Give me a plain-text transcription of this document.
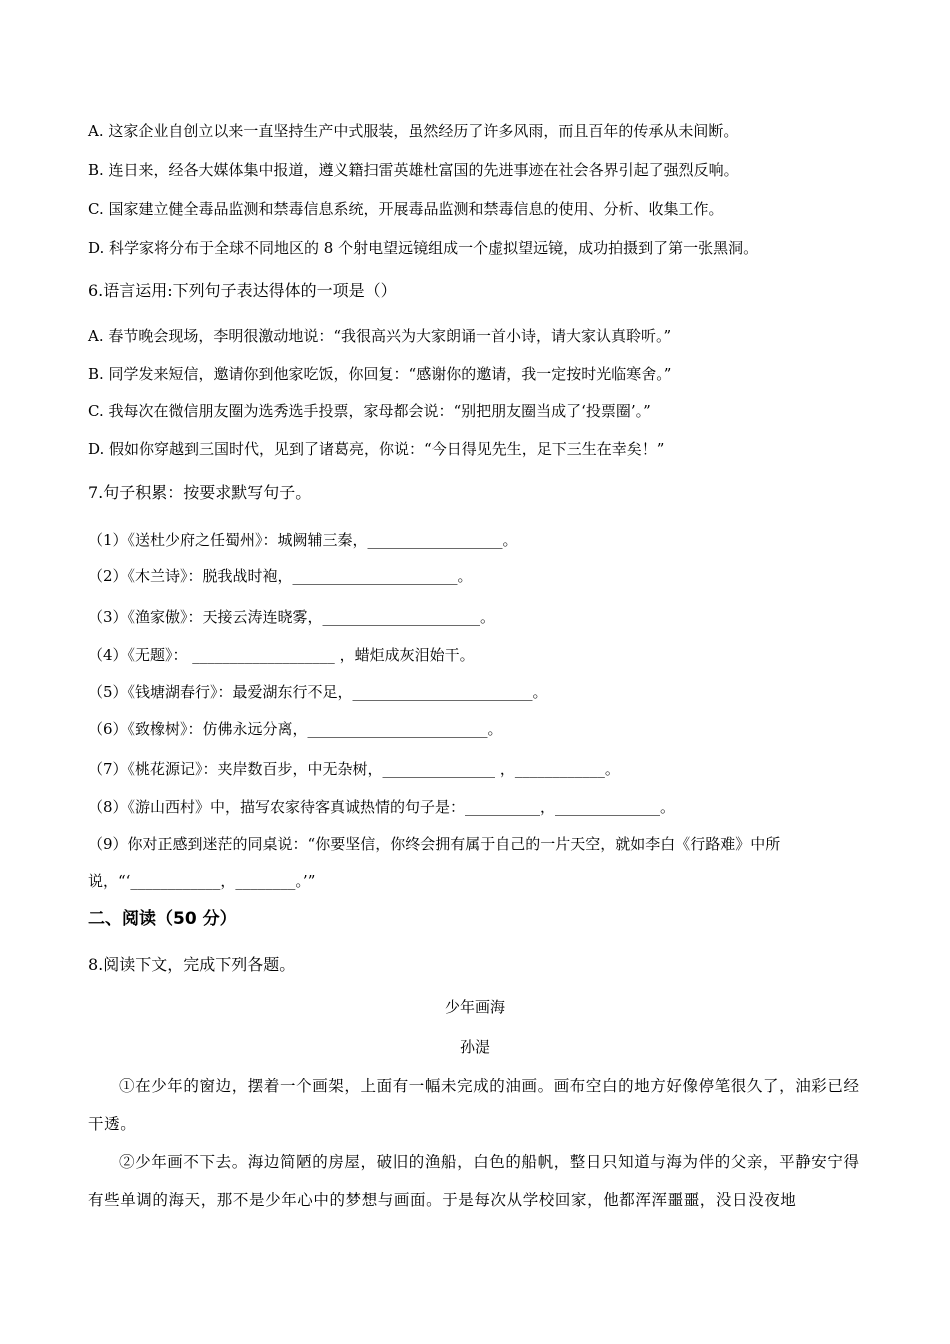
A. 这家企业自创立以来一直坚持生产中式服装，虽然经历了许多风雨，而且百年的传承从未间断。
B. 连日来，经各大媒体集中报道，遵义籍扫雷英雄杜富国的先进事迹在社会各界引起了强烈反响。
C. 国家建立健全毒品监测和禁毒信息系统，开展毒品监测和禁毒信息的使用、分析、收集工作。
D. 科学家将分布于全球不同地区的 8 个射电望远镜组成一个虚拟望远镜，成功拍摄到了第一张黑洞。
6.语言运用:下列句子表达得体的一项是（）
A. 春节晚会现场，李明很激动地说：“我很高兴为大家朗诵一首小诗，请大家认真聆听。”
B. 同学发来短信，邀请你到他家吃饭，你回复：“感谢你的邀请，我一定按时光临寒舍。”
C. 我每次在微信朋友圈为选秀选手投票，家母都会说：“别把朋友圈当成了‘投票圈’。”
D. 假如你穿越到三国时代，见到了诸葛亮，你说：“今日得见先生，足下三生在幸矣！”
7.句子积累：按要求默写句子。
（1）《送杜少府之任蜀州》：城阙辅三秦，__________________。
（2）《木兰诗》：脱我战时袍，______________________。
（3）《渔家傲》：天接云涛连晓雾，_____________________。
（4）《无题》： ___________________ ，蜡炬成灰泪始干。
（5）《钱塘湖春行》：最爱湖东行不足，________________________。
（6）《致橡树》：仿佛永远分离，________________________。
（7）《桃花源记》：夹岸数百步，中无杂树，_______________ ，____________。
（8）《游山西村》中，描写农家待客真诚热情的句子是：__________，______________。
（9）你对正感到迷茫的同桌说：“你要坚信，你终会拥有属于自己的一片天空，就如李白《行路难》中所
说，“‘____________，________。’”
二、阅读（50 分）
8.阅读下文，完成下列各题。
少年画海
孙湜
①在少年的窗边，摆着一个画架，上面有一幅未完成的油画。画布空白的地方好像停笔很久了，油彩已经干透。
②少年画不下去。海边简陋的房屋，破旧的渔船，白色的船帆，整日只知道与海为伴的父亲，平静安宁得有些单调的海天，那不是少年心中的梦想与画面。于是每次从学校回家，他都浑浑噩噩，没日没夜地
